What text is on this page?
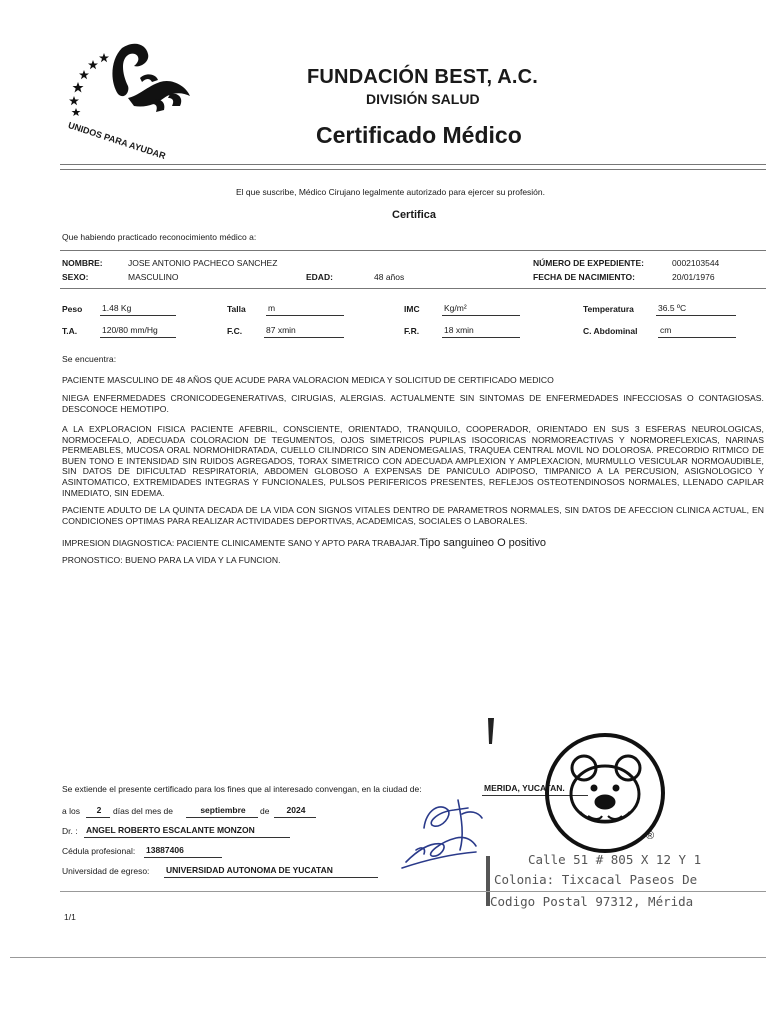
UNIDOS PARA AYUDAR
FUNDACIÓN BEST, A.C.
DIVISIÓN SALUD
Certificado Médico
El que suscribe, Médico Cirujano legalmente autorizado para ejercer su profesión.
Certifica
Que habiendo practicado reconocimiento médico a:
NOMBRE:	JOSE ANTONIO PACHECO SANCHEZ
SEXO:	MASCULINO	EDAD:	48 años
NÚMERO DE EXPEDIENTE:	0002103544
FECHA DE NACIMIENTO:	20/01/1976
Peso 1.48 Kg	Talla	m	IMC	Kg/m²	Temperatura	36.5 ºC
T.A.	120/80 mm/Hg	F.C.	87 xmin	F.R.	18 xmin	C. Abdominal	cm
Se encuentra:
PACIENTE MASCULINO DE 48 AÑOS QUE ACUDE PARA VALORACION MEDICA Y SOLICITUD DE CERTIFICADO MEDICO
NIEGA ENFERMEDADES CRONICODEGENERATIVAS, CIRUGIAS, ALERGIAS. ACTUALMENTE SIN SINTOMAS DE ENFERMEDADES INFECCIOSAS O CONTAGIOSAS. DESCONOCE HEMOTIPO.
A LA EXPLORACION FISICA PACIENTE AFEBRIL, CONSCIENTE, ORIENTADO, TRANQUILO, COOPERADOR, ORIENTADO EN SUS 3 ESFERAS NEUROLOGICAS, NORMOCEFALO, ADECUADA COLORACION DE TEGUMENTOS, OJOS SIMETRICOS PUPILAS ISOCORICAS NORMOREACTIVAS Y NORMOREFLEXICAS, NARINAS PERMEABLES, MUCOSA ORAL NORMOHIDRATADA, CUELLO CILINDRICO SIN ADENOMEGALIAS, TRAQUEA CENTRAL MOVIL NO DOLOROSA. PRECORDIO RITMICO DE BUEN TONO E INTENSIDAD SIN RUIDOS AGREGADOS, TORAX SIMETRICO CON ADECUADA AMPLEXION Y AMPLEXACION, MURMULLO VESICULAR NORMOAUDIBLE, SIN DATOS DE DIFICULTAD RESPIRATORIA, ABDOMEN GLOBOSO A EXPENSAS DE PANICULO ADIPOSO, TIMPANICO A LA PERCUSION, ASIGNOLOGICO Y ASINTOMATICO, EXTREMIDADES INTEGRAS Y FUNCIONALES, PULSOS PERIFERICOS PRESENTES, REFLEJOS OSTEOTENDINOSOS NORMALES, LLENADO CAPILAR INMEDIATO, SIN EDEMA.
PACIENTE ADULTO DE LA QUINTA DECADA DE LA VIDA CON SIGNOS VITALES DENTRO DE PARAMETROS NORMALES, SIN DATOS DE AFECCION CLINICA ACTUAL, EN CONDICIONES OPTIMAS PARA REALIZAR ACTIVIDADES DEPORTIVAS, ACADEMICAS, SOCIALES O LABORALES.
IMPRESION DIAGNOSTICA: PACIENTE CLINICAMENTE SANO Y APTO PARA TRABAJAR.Tipo sanguineo O positivo
PRONOSTICO: BUENO PARA LA VIDA Y LA FUNCION.
Se extiende el presente certificado para los fines que al interesado convengan, en la ciudad de:	MERIDA, YUCATAN.
a los	2	días del mes de	septiembre	de	2024
Dr. : ANGEL ROBERTO ESCALANTE MONZON
Cédula profesional: 13887406
Universidad de egreso: UNIVERSIDAD AUTONOMA DE YUCATAN
®
Calle 51 # 805 X 12 Y 1
Colonia: Tixcacal Paseos De
Codigo Postal 97312, Mérida
1/1
